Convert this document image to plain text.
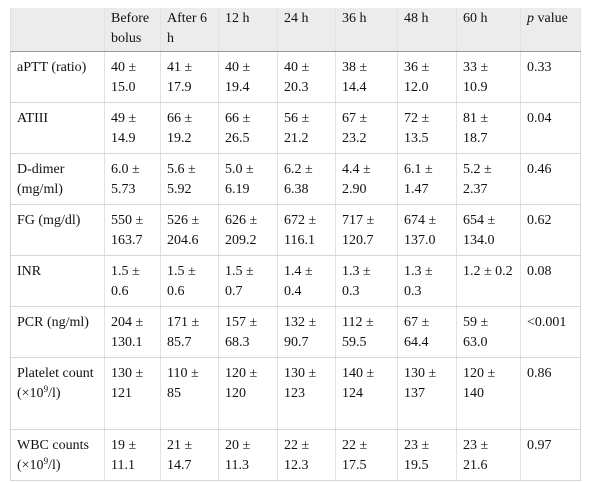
	Before bolus	After 6 h	12 h	24 h	36 h	48 h	60 h	p value
aPTT (ratio)	40 ± 15.0	41 ± 17.9	40 ± 19.4	40 ± 20.3	38 ± 14.4	36 ± 12.0	33 ± 10.9	0.33
ATIII	49 ± 14.9	66 ± 19.2	66 ± 26.5	56 ± 21.2	67 ± 23.2	72 ± 13.5	81 ± 18.7	0.04
D-dimer (mg/ml)	6.0 ± 5.73	5.6 ± 5.92	5.0 ± 6.19	6.2 ± 6.38	4.4 ± 2.90	6.1 ± 1.47	5.2 ± 2.37	0.46
FG (mg/dl)	550 ± 163.7	526 ± 204.6	626 ± 209.2	672 ± 116.1	717 ± 120.7	674 ± 137.0	654 ± 134.0	0.62
INR	1.5 ± 0.6	1.5 ± 0.6	1.5 ± 0.7	1.4 ± 0.4	1.3 ± 0.3	1.3 ± 0.3	1.2 ± 0.2	0.08
PCR (ng/ml)	204 ± 130.1	171 ± 85.7	157 ± 68.3	132 ± 90.7	112 ± 59.5	67 ± 64.4	59 ± 63.0	<0.001
Platelet count $(\times 10^9/l)$	130 ± 121	110 ± 85	120 ± 120	130 ± 123	140 ± 124	130 ± 137	120 ± 140	0.86
WBC counts $(\times 10^9/l)$	19 ± 11.1	21 ± 14.7	20 ± 11.3	22 ± 12.3	22 ± 17.5	23 ± 19.5	23 ± 21.6	0.97
